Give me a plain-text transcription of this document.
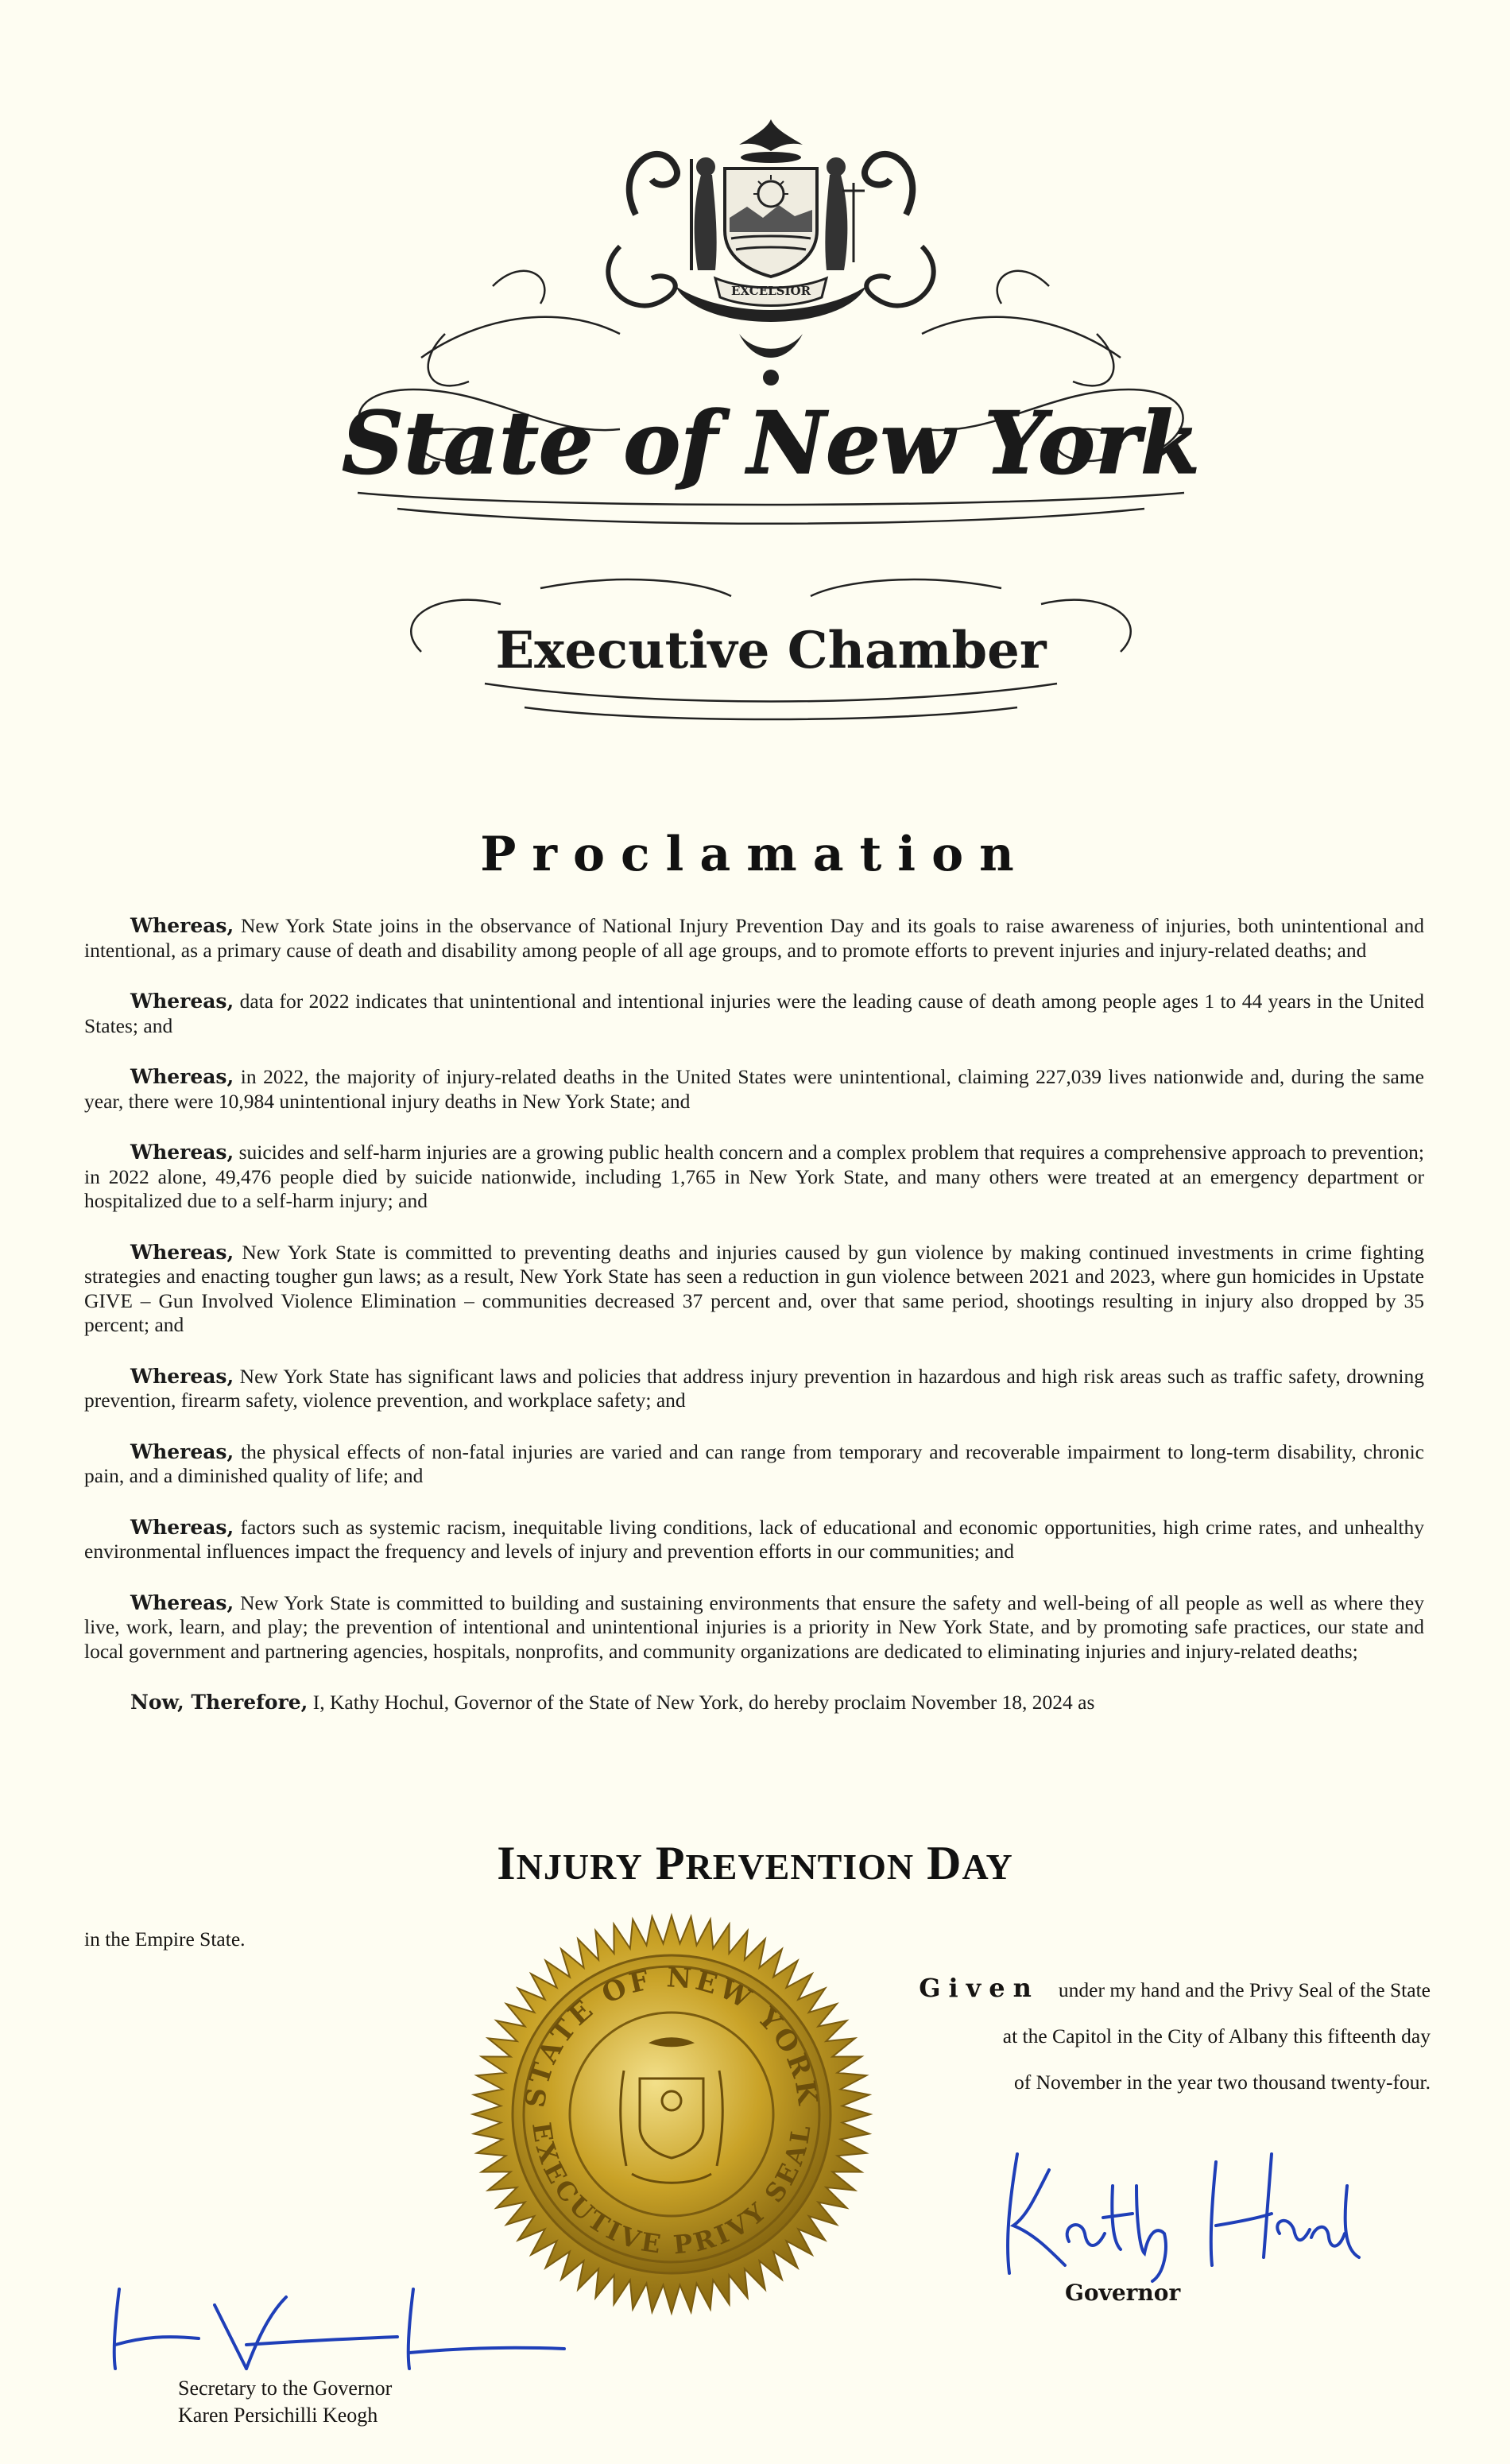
EXCELSIOR
State of New York
Executive Chamber
Proclamation

Whereas, New York State joins in the observance of National Injury Prevention Day and its goals to raise awareness of injuries, both unintentional and intentional, as a primary cause of death and disability among people of all age groups, and to promote efforts to prevent injuries and injury-related deaths; and

Whereas, data for 2022 indicates that unintentional and intentional injuries were the leading cause of death among people ages 1 to 44 years in the United States; and

Whereas, in 2022, the majority of injury-related deaths in the United States were unintentional, claiming 227,039 lives nationwide and, during the same year, there were 10,984 unintentional injury deaths in New York State; and

Whereas, suicides and self-harm injuries are a growing public health concern and a complex problem that requires a comprehensive approach to prevention; in 2022 alone, 49,476 people died by suicide nationwide, including 1,765 in New York State, and many others were treated at an emergency department or hospitalized due to a self-harm injury; and

Whereas, New York State is committed to preventing deaths and injuries caused by gun violence by making continued investments in crime fighting strategies and enacting tougher gun laws; as a result, New York State has seen a reduction in gun violence between 2021 and 2023, where gun homicides in Upstate GIVE – Gun Involved Violence Elimination – communities decreased 37 percent and, over that same period, shootings resulting in injury also dropped by 35 percent; and

Whereas, New York State has significant laws and policies that address injury prevention in hazardous and high risk areas such as traffic safety, drowning prevention, firearm safety, violence prevention, and workplace safety; and

Whereas, the physical effects of non-fatal injuries are varied and can range from temporary and recoverable impairment to long-term disability, chronic pain, and a diminished quality of life; and

Whereas, factors such as systemic racism, inequitable living conditions, lack of educational and economic opportunities, high crime rates, and unhealthy environmental influences impact the frequency and levels of injury and prevention efforts in our communities; and

Whereas, New York State is committed to building and sustaining environments that ensure the safety and well-being of all people as well as where they live, work, learn, and play; the prevention of intentional and unintentional injuries is a priority in New York State, and by promoting safe practices, our state and local government and partnering agencies, hospitals, nonprofits, and community organizations are dedicated to eliminating injuries and injury-related deaths;

Now, Therefore, I, Kathy Hochul, Governor of the State of New York, do hereby proclaim November 18, 2024 as

INJURY PREVENTION DAY
in the Empire State.
Given under my hand and the Privy Seal of the State
at the Capitol in the City of Albany this fifteenth day
of November in the year two thousand twenty-four.
STATE OF NEW YORK
EXECUTIVE PRIVY SEAL
Kathy Hochul
Governor
Secretary to the Governor
Karen Persichilli Keogh
